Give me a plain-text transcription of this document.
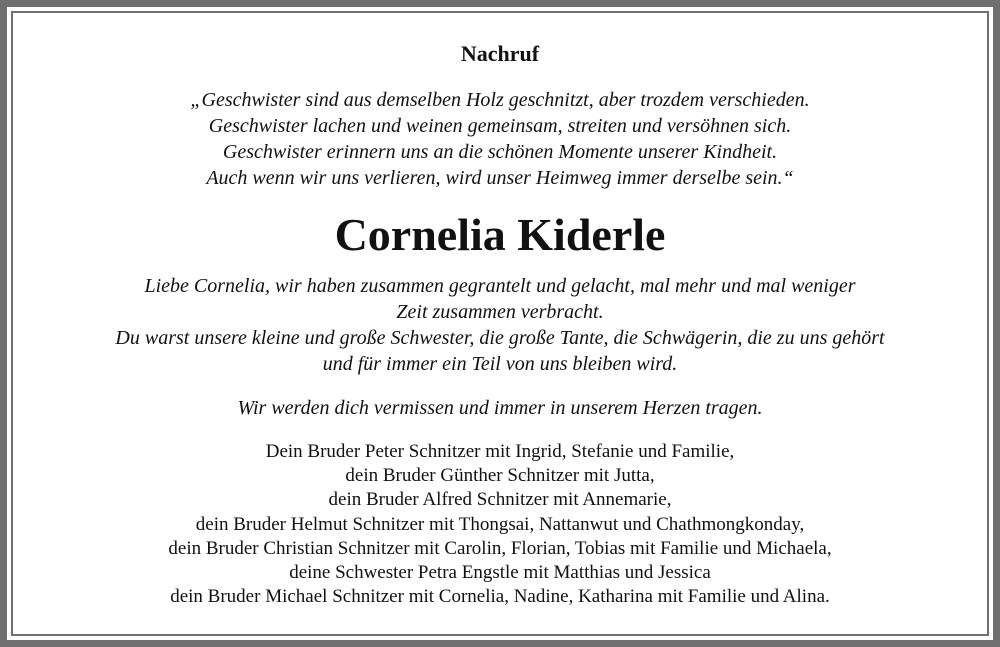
Nachruf
„Geschwister sind aus demselben Holz geschnitzt, aber trozdem verschieden.
Geschwister lachen und weinen gemeinsam, streiten und versöhnen sich.
Geschwister erinnern uns an die schönen Momente unserer Kindheit.
Auch wenn wir uns verlieren, wird unser Heimweg immer derselbe sein.“
Cornelia Kiderle
Liebe Cornelia, wir haben zusammen gegrantelt und gelacht, mal mehr und mal weniger
Zeit zusammen verbracht.
Du warst unsere kleine und große Schwester, die große Tante, die Schwägerin, die zu uns gehört
und für immer ein Teil von uns bleiben wird.
Wir werden dich vermissen und immer in unserem Herzen tragen.
Dein Bruder Peter Schnitzer mit Ingrid, Stefanie und Familie,
dein Bruder Günther Schnitzer mit Jutta,
dein Bruder Alfred Schnitzer mit Annemarie,
dein Bruder Helmut Schnitzer mit Thongsai, Nattanwut und Chathmongkonday,
dein Bruder Christian Schnitzer mit Carolin, Florian, Tobias mit Familie und Michaela,
deine Schwester Petra Engstle mit Matthias und Jessica
dein Bruder Michael Schnitzer mit Cornelia, Nadine, Katharina mit Familie und Alina.
